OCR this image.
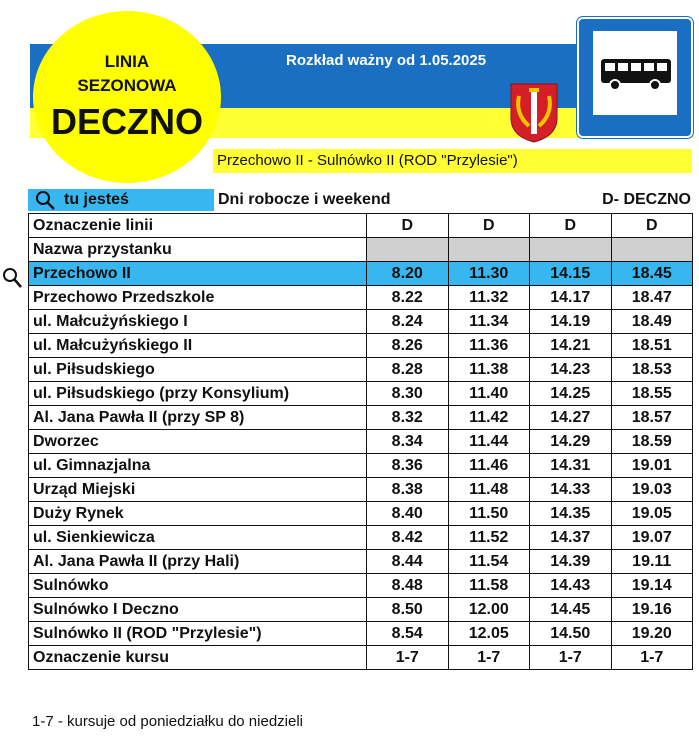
LINIA
SEZONOWA
DECZNO
Rozkład ważny od 1.05.2025
Przechowo II - Sulnówko II (ROD "Przylesie")
tu jesteś	Dni robocze i weekend	D- DECZNO
Oznaczenie linii	D	D	D	D
Nazwa przystanku				
Przechowo II	8.20	11.30	14.15	18.45
Przechowo Przedszkole	8.22	11.32	14.17	18.47
ul. Małcużyńskiego I	8.24	11.34	14.19	18.49
ul. Małcużyńskiego II	8.26	11.36	14.21	18.51
ul. Piłsudskiego	8.28	11.38	14.23	18.53
ul. Piłsudskiego (przy Konsylium)	8.30	11.40	14.25	18.55
Al. Jana Pawła II (przy SP 8)	8.32	11.42	14.27	18.57
Dworzec	8.34	11.44	14.29	18.59
ul. Gimnazjalna	8.36	11.46	14.31	19.01
Urząd Miejski	8.38	11.48	14.33	19.03
Duży Rynek	8.40	11.50	14.35	19.05
ul. Sienkiewicza	8.42	11.52	14.37	19.07
Al. Jana Pawła II (przy Hali)	8.44	11.54	14.39	19.11
Sulnówko	8.48	11.58	14.43	19.14
Sulnówko I Deczno	8.50	12.00	14.45	19.16
Sulnówko II (ROD "Przylesie")	8.54	12.05	14.50	19.20
Oznaczenie kursu	1-7	1-7	1-7	1-7
1-7 - kursuje od poniedziałku do niedzieli
